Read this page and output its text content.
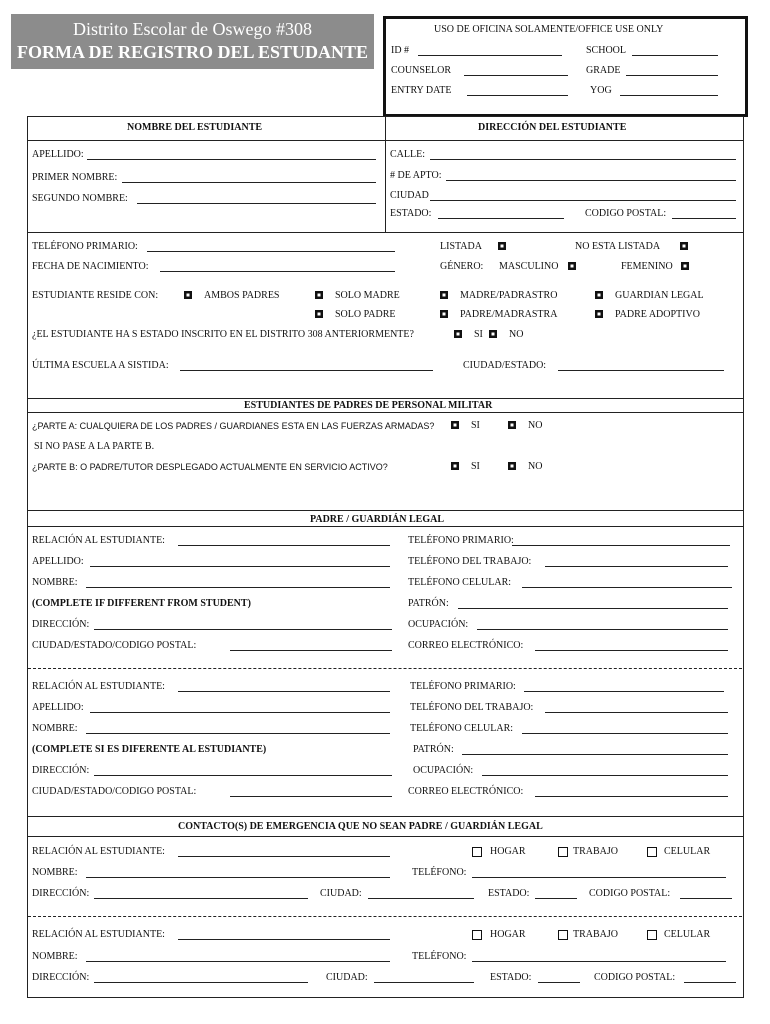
Distrito Escolar de Oswego #308
FORMA DE REGISTRO DEL ESTUDANTE
USO DE OFICINA SOLAMENTE/OFFICE USE ONLY
ID #	SCHOOL
COUNSELOR	GRADE
ENTRY DATE	YOG
NOMBRE DEL ESTUDIANTE	DIRECCIÓN DEL ESTUDIANTE
APELLIDO:
PRIMER NOMBRE:
SEGUNDO NOMBRE:
CALLE:
# DE APTO:
CIUDAD
ESTADO:	CODIGO POSTAL:
TELÉFONO PRIMARIO:	LISTADA	NO ESTA LISTADA
FECHA DE NACIMIENTO:	GÉNERO: MASCULINO	FEMENINO
ESTUDIANTE RESIDE CON:	AMBOS PADRES	SOLO MADRE	MADRE/PADRASTRO	GUARDIAN LEGAL
SOLO PADRE	PADRE/MADRASTRA	PADRE ADOPTIVO
¿EL ESTUDIANTE HA S ESTADO INSCRITO EN EL DISTRITO 308 ANTERIORMENTE?	SI	NO
ÚLTIMA ESCUELA A SISTIDA:	CIUDAD/ESTADO:
ESTUDIANTES DE PADRES DE PERSONAL MILITAR
¿PARTE A: CUALQUIERA DE LOS PADRES / GUARDIANES ESTA EN LAS FUERZAS ARMADAS?	SI	NO
SI NO PASE A LA PARTE B.
¿PARTE B: O PADRE/TUTOR DESPLEGADO ACTUALMENTE EN SERVICIO ACTIVO?	SI	NO
PADRE / GUARDIÁN LEGAL
RELACIÓN AL ESTUDIANTE:	TELÉFONO PRIMARIO:
APELLIDO:	TELÉFONO DEL TRABAJO:
NOMBRE:	TELÉFONO CELULAR:
(COMPLETE IF DIFFERENT FROM STUDENT)	PATRÓN:
DIRECCIÓN:	OCUPACIÓN:
CIUDAD/ESTADO/CODIGO POSTAL:	CORREO ELECTRÓNICO:
RELACIÓN AL ESTUDIANTE:	TELÉFONO PRIMARIO:
APELLIDO:	TELÉFONO DEL TRABAJO:
NOMBRE:	TELÉFONO CELULAR:
(COMPLETE SI ES DIFERENTE AL ESTUDIANTE)	PATRÓN:
DIRECCIÓN:	OCUPACIÓN:
CIUDAD/ESTADO/CODIGO POSTAL:	CORREO ELECTRÓNICO:
CONTACTO(S) DE EMERGENCIA QUE NO SEAN PADRE / GUARDIÁN LEGAL
RELACIÓN AL ESTUDIANTE:	HOGAR	TRABAJO	CELULAR
NOMBRE:	TELÉFONO:
DIRECCIÓN:	CIUDAD:	ESTADO:	CODIGO POSTAL:
RELACIÓN AL ESTUDIANTE:	HOGAR	TRABAJO	CELULAR
NOMBRE:	TELÉFONO:
DIRECCIÓN:	CIUDAD:	ESTADO:	CODIGO POSTAL:
